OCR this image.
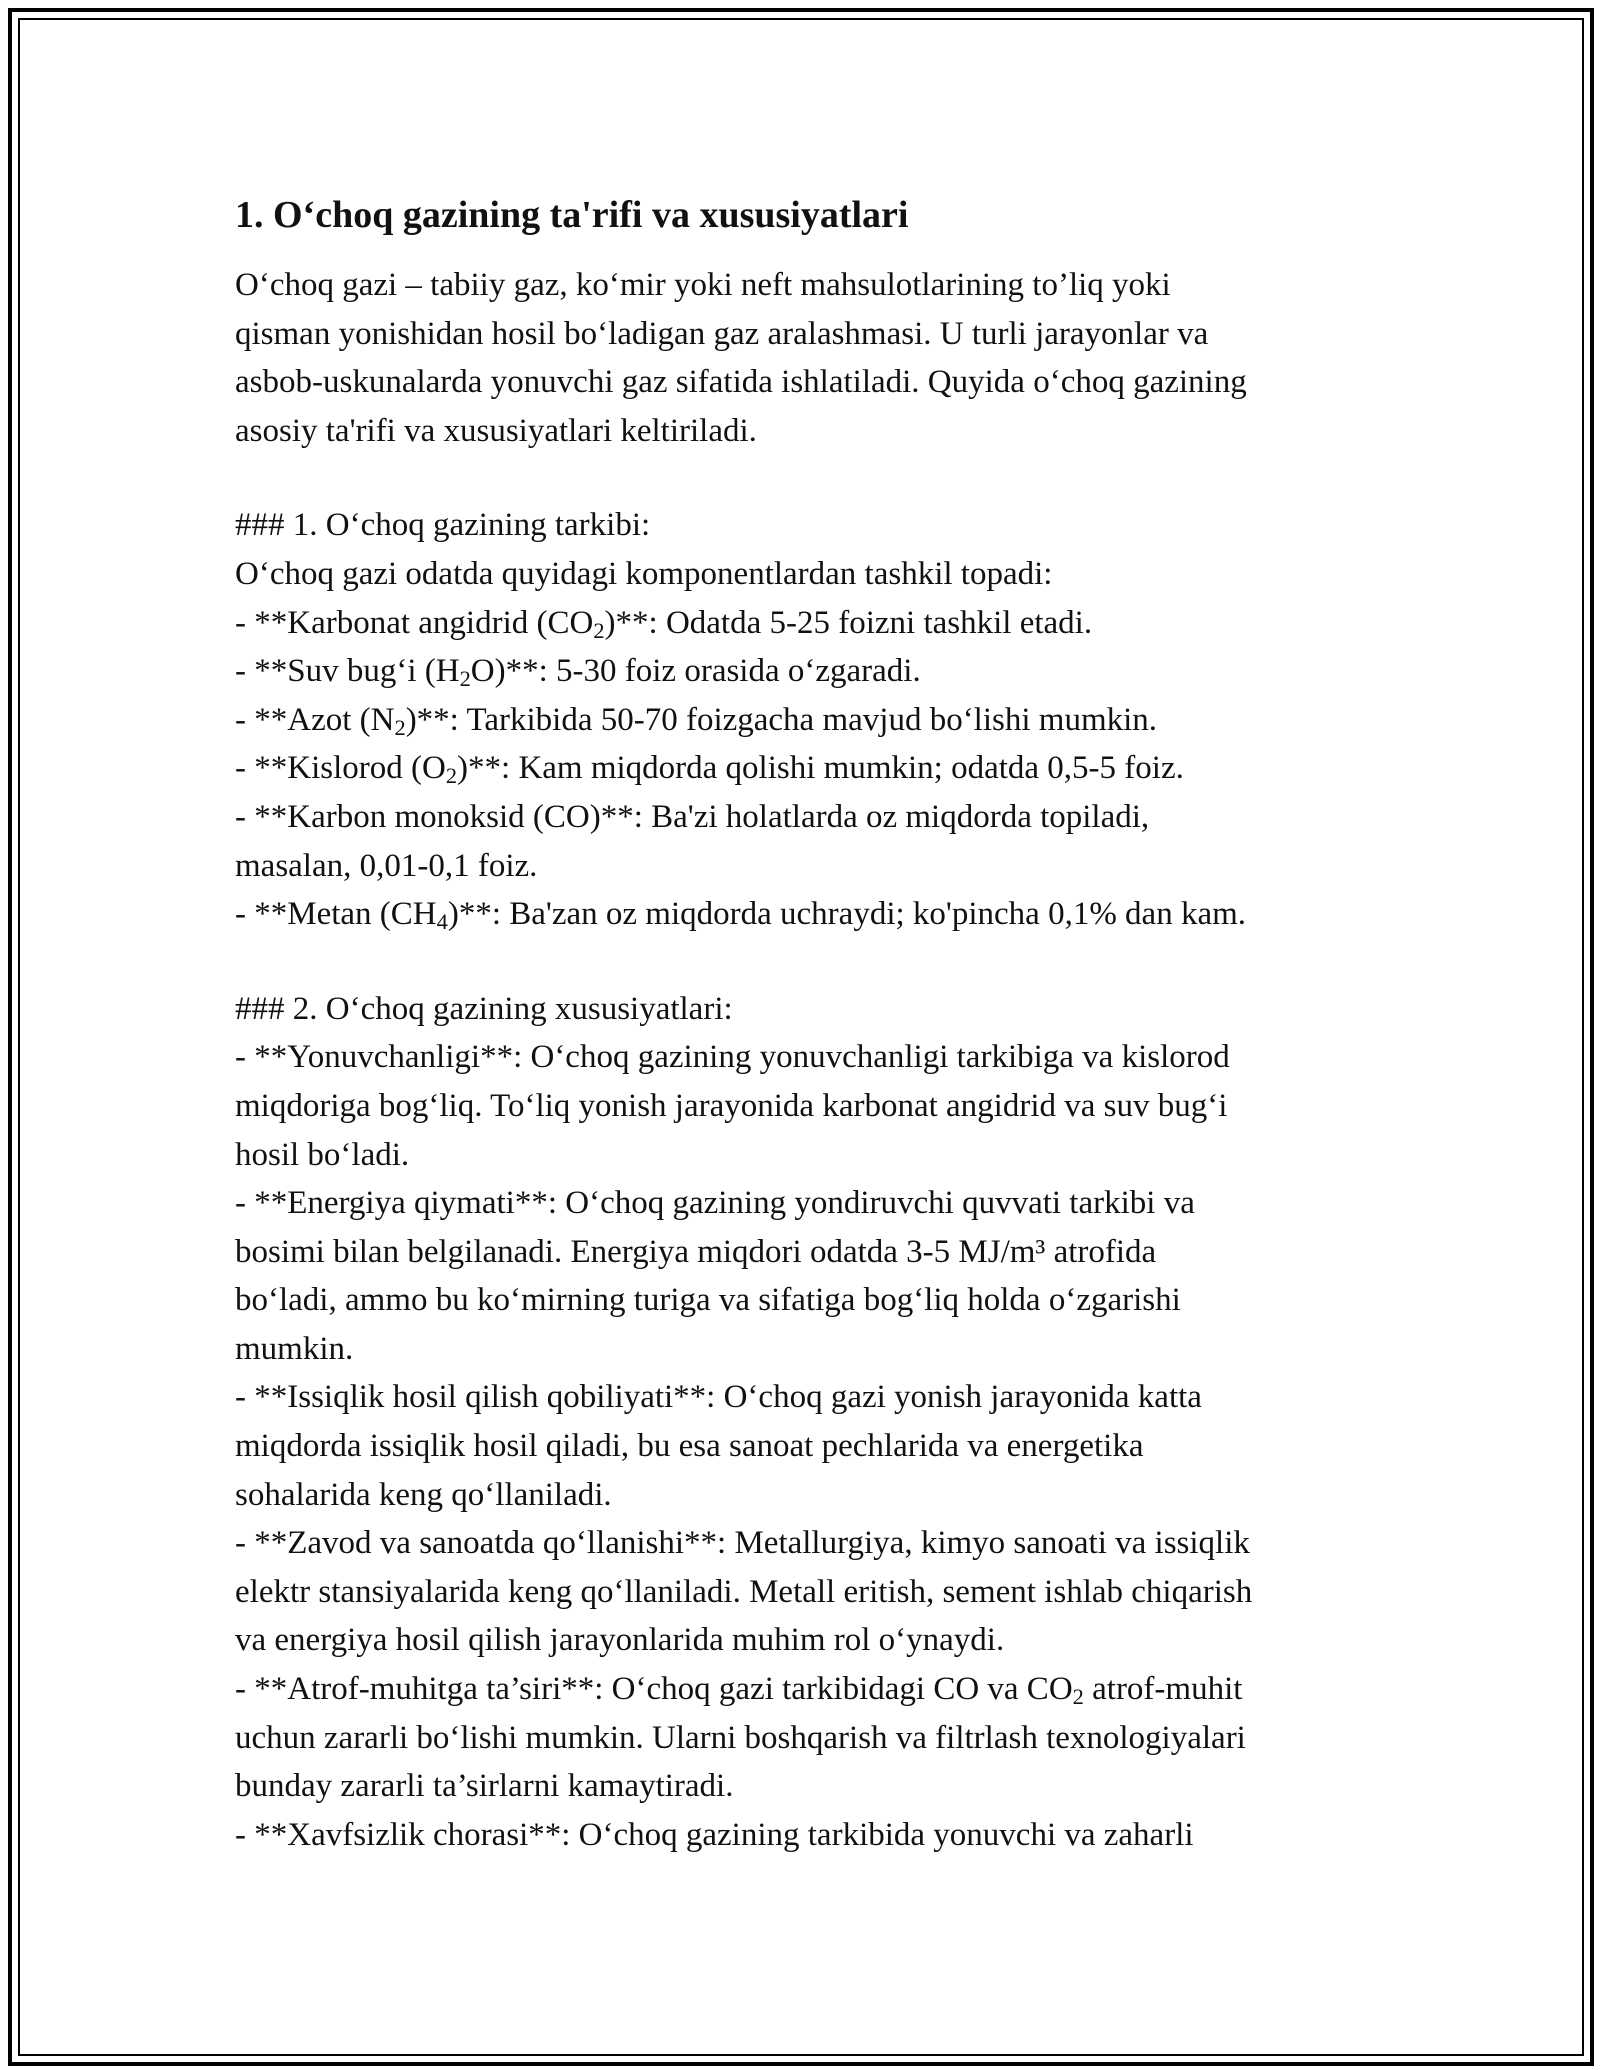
1. O‘choq gazining ta'rifi va xususiyatlari
O‘choq gazi – tabiiy gaz, ko‘mir yoki neft mahsulotlarining to’liq yoki
qisman yonishidan hosil bo‘ladigan gaz aralashmasi. U turli jarayonlar va
asbob-uskunalarda yonuvchi gaz sifatida ishlatiladi. Quyida o‘choq gazining
asosiy ta'rifi va xususiyatlari keltiriladi.
### 1. O‘choq gazining tarkibi:
O‘choq gazi odatda quyidagi komponentlardan tashkil topadi:
- **Karbonat angidrid $(CO_2)**$: Odatda 5-25 foizni tashkil etadi.
- **Suv bug‘i $(H_2O)**$: 5-30 foiz orasida o‘zgaradi.
- **Azot $(N_2)**$: Tarkibida 50-70 foizgacha mavjud bo‘lishi mumkin.
- **Kislorod $(O_2)**$: Kam miqdorda qolishi mumkin; odatda 0,5-5 foiz.
- **Karbon monoksid (CO)**: Ba'zi holatlarda oz miqdorda topiladi,
masalan, 0,01-0,1 foiz.
- **Metan $(CH_4)**$: Ba'zan oz miqdorda uchraydi; ko'pincha 0,1% dan kam.
### 2. O‘choq gazining xususiyatlari:
- **Yonuvchanligi**: O‘choq gazining yonuvchanligi tarkibiga va kislorod
miqdoriga bog‘liq. To‘liq yonish jarayonida karbonat angidrid va suv bug‘i
hosil bo‘ladi.
- **Energiya qiymati**: O‘choq gazining yondiruvchi quvvati tarkibi va
bosimi bilan belgilanadi. Energiya miqdori odatda 3-5 MJ/m³ atrofida
bo‘ladi, ammo bu ko‘mirning turiga va sifatiga bog‘liq holda o‘zgarishi
mumkin.
- **Issiqlik hosil qilish qobiliyati**: O‘choq gazi yonish jarayonida katta
miqdorda issiqlik hosil qiladi, bu esa sanoat pechlarida va energetika
sohalarida keng qo‘llaniladi.
- **Zavod va sanoatda qo‘llanishi**: Metallurgiya, kimyo sanoati va issiqlik
elektr stansiyalarida keng qo‘llaniladi. Metall eritish, sement ishlab chiqarish
va energiya hosil qilish jarayonlarida muhim rol o‘ynaydi.
- **Atrof-muhitga ta’siri**: O‘choq gazi tarkibidagi CO va $CO_2$ atrof-muhit
uchun zararli bo‘lishi mumkin. Ularni boshqarish va filtrlash texnologiyalari
bunday zararli ta’sirlarni kamaytiradi.
- **Xavfsizlik chorasi**: O‘choq gazining tarkibida yonuvchi va zaharli
